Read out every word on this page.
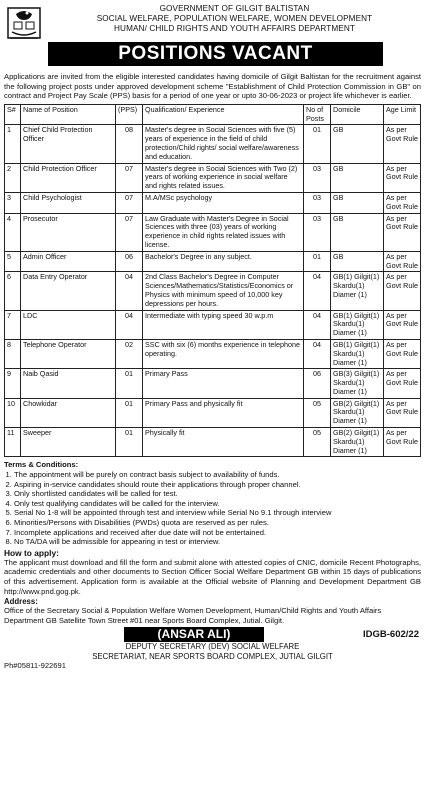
GOVERNMENT OF GILGIT BALTISTAN
SOCIAL WELFARE, POPULATION WELFARE, WOMEN DEVELOPMENT
HUMAN/ CHILD RIGHTS AND YOUTH AFFAIRS DEPARTMENT
POSITIONS VACANT
Applications are invited from the eligible interested candidates having domicile of Gilgit Baltistan for the recruitment against the following project posts under approved development scheme "Establishment of Child Protection Commission in GB" on contract and Project Pay Scale (PPS) basis for a period of one year or upto 30-06-2023 or project life whichever is earlier.
S#	Name of Position	(PPS)	Qualification/ Experience	No of Posts	Domicile	Age Limit
1	Chief Child Protection Officer	08	Master's degree in Social Sciences with five (5) years of experience in the field of child protection/Child rights/ social welfare/awareness and education.	01	GB	As per Govt Rule
2	Child Protection Officer	07	Master's degree in Social Sciences with Two (2) years of working experience in social welfare and rights related issues.	03	GB	As per Govt Rule
3	Child Psychologist	07	M.A/MSc psychology	03	GB	As per Govt Rule
4	Prosecutor	07	Law Graduate with Master's Degree in Social Sciences with three (03) years of working experience in child rights related issues with license.	03	GB	As per Govt Rule
5	Admin Officer	06	Bachelor's Degree in any subject.	01	GB	As per Govt Rule
6	Data Entry Operator	04	2nd Class Bachelor's Degree in Computer Sciences/Mathematics/Statistics/Economics or Physics with minimum speed of 10,000 key depressions per hours.	04	GB(1) Gilgit(1) Skardu(1) Diamer (1)	As per Govt Rule
7	LDC	04	Intermediate with typing speed 30 w.p.m	04	GB(1) Gilgit(1) Skardu(1) Diamer (1)	As per Govt Rule
8	Telephone Operator	02	SSC with six (6) months experience in telephone operating.	04	GB(1) Gilgit(1) Skardu(1) Diamer (1)	As per Govt Rule
9	Naib Qasid	01	Primary Pass	06	GB(3) Gilgit(1) Skardu(1) Diamer (1)	As per Govt Rule
10	Chowkidar	01	Primary Pass and physically fit	05	GB(2) Gilgit(1) Skardu(1) Diamer (1)	As per Govt Rule
11	Sweeper	01	Physically fit	05	GB(2) Gilgit(1) Skardu(1) Diamer (1)	As per Govt Rule
Terms & Conditions:
1. The appointment will be purely on contract basis subject to availability of funds.
2. Aspiring in-service candidates should route their applications through proper channel.
3. Only shortlisted candidates will be called for test.
4. Only test qualifying candidates will be called for the interview.
5. Serial No 1-8 will be appointed through test and interview while Serial No 9.1 through interview
6. Minorities/Persons with Disabilities (PWDs) quota are reserved as per rules.
7. Incomplete applications and received after due date will not be entertained.
8. No TA/DA will be admissible for appearing in test or interview.
How to apply:
The applicant must download and fill the form and submit alone with attested copies of CNIC, domicile Recent Photographs, academic credentials and other documents to Section Officer Social Welfare Department GB within 15 days of publications of this advertisement. Application form is available at the Official website of Planning and Development Department GB http://www.pnd.gog.pk.
Address:
Office of the Secretary Social & Population Welfare Women Development, Human/Child Rights and Youth Affairs Department GB Satellite Town Street #01 near Sports Board Complex, Jutial. Gilgit.
(ANSAR ALI)	IDGB-602/22
DEPUTY SECRETARY (DEV) SOCIAL WELFARE
SECRETARIAT, NEAR SPORTS BOARD COMPLEX, JUTIAL GILGIT
Ph#05811-922691
